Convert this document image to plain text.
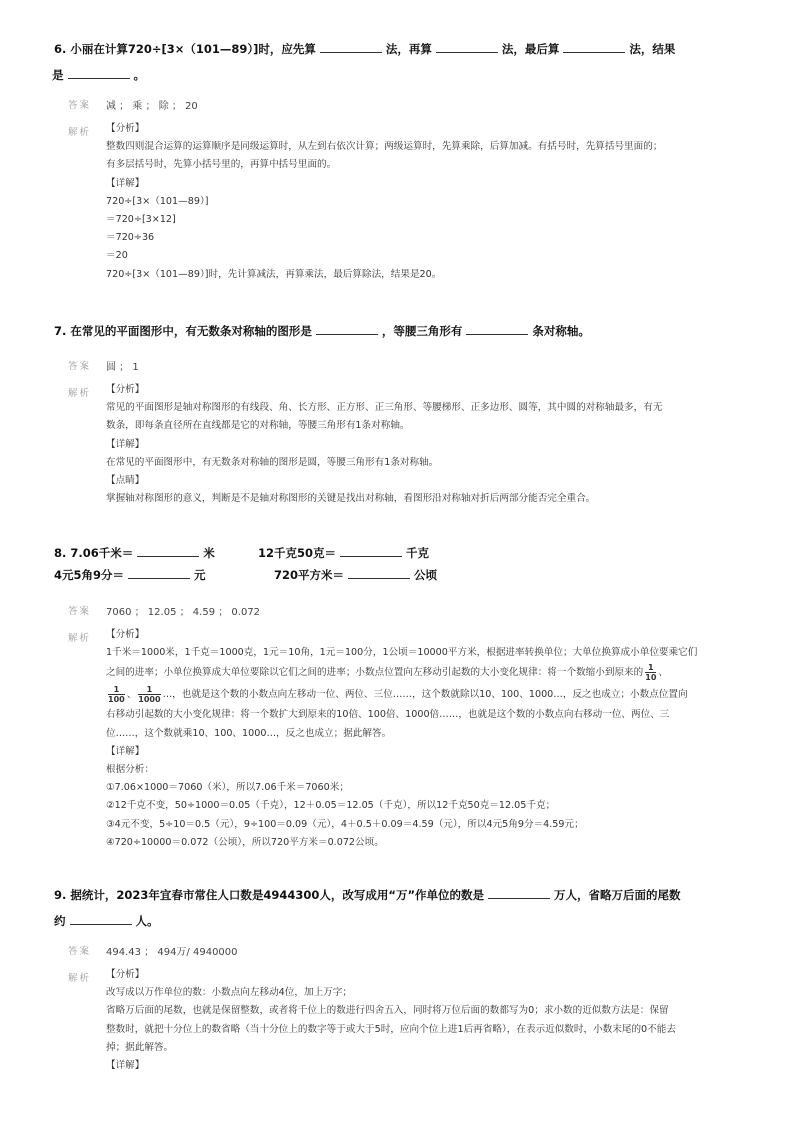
6. 小丽在计算720÷[3×（101—89）]时，应先算	法，再算	法，最后算	法，结果
是	。
答案 减 ； 乘 ； 除 ； 20
解析 【分析】

整数四则混合运算的运算顺序是同级运算时，从左到右依次计算；两级运算时，先算乘除，后算加减。有括号时，先算括号里面的；

有多层括号时，先算小括号里的，再算中括号里面的。

【详解】

720÷[3×（101—89）]

＝720÷[3×12]

＝720÷36

＝20

720÷[3×（101—89）]时，先计算减法，再算乘法，最后算除法，结果是20。

7. 在常见的平面图形中，有无数条对称轴的图形是	，等腰三角形有	条对称轴。
答案 圆 ； 1
解析 【分析】

常见的平面图形是轴对称图形的有线段、角、长方形、正方形、正三角形、等腰梯形、正多边形、圆等，其中圆的对称轴最多，有无

数条，即每条直径所在直线都是它的对称轴，等腰三角形有1条对称轴。

【详解】

在常见的平面图形中，有无数条对称轴的图形是圆，等腰三角形有1条对称轴。

【点睛】

掌握轴对称图形的意义，判断是不是轴对称图形的关键是找出对称轴，看图形沿对称轴对折后两部分能否完全重合。

8. 7.06千米＝	米	12千克50克＝	千克
4元5角9分＝	元	720平方米＝	公顷
答案 7060 ； 12.05 ； 4.59 ； 0.072
解析 【分析】

1千米＝1000米，1千克＝1000克，1元＝10角，1元＝100分，1公顷＝10000平方米，根据进率转换单位；大单位换算成小单位要乘它们

之间的进率；小单位换算成大单位要除以它们之间的进率；小数点位置向左移动引起数的大小变化规律：将一个数缩小到原来的 $\frac{1}{10}$ 、

$\frac{1}{100}$ 、 $\frac{1}{1000}$ …，也就是这个数的小数点向左移动一位、两位、三位……，这个数就除以10、100、1000…，反之也成立；小数点位置向

右移动引起数的大小变化规律：将一个数扩大到原来的10倍、100倍、1000倍……，也就是这个数的小数点向右移动一位、两位、三

位……，这个数就乘10、100、1000…，反之也成立；据此解答。

【详解】

根据分析：

①7.06×1000＝7060（米），所以7.06千米＝7060米；

②12千克不变，50÷1000＝0.05（千克），12＋0.05＝12.05（千克），所以12千克50克＝12.05千克；

③4元不变，5÷10＝0.5（元），9÷100＝0.09（元），4＋0.5＋0.09＝4.59（元），所以4元5角9分＝4.59元；

④720÷10000＝0.072（公顷），所以720平方米＝0.072公顷。

9. 据统计，2023年宜春市常住人口数是4944300人，改写成用“万”作单位的数是	万人，省略万后面的尾数
约	人。
答案 494.43 ； 494万/ 4940000
解析 【分析】

改写成以万作单位的数：小数点向左移动4位，加上万字；

省略万后面的尾数，也就是保留整数，或者将千位上的数进行四舍五入，同时将万位后面的数都写为0；求小数的近似数方法是：保留

整数时，就把十分位上的数省略（当十分位上的数字等于或大于5时，应向个位上进1后再省略），在表示近似数时，小数末尾的0不能去

掉；据此解答。

【详解】
